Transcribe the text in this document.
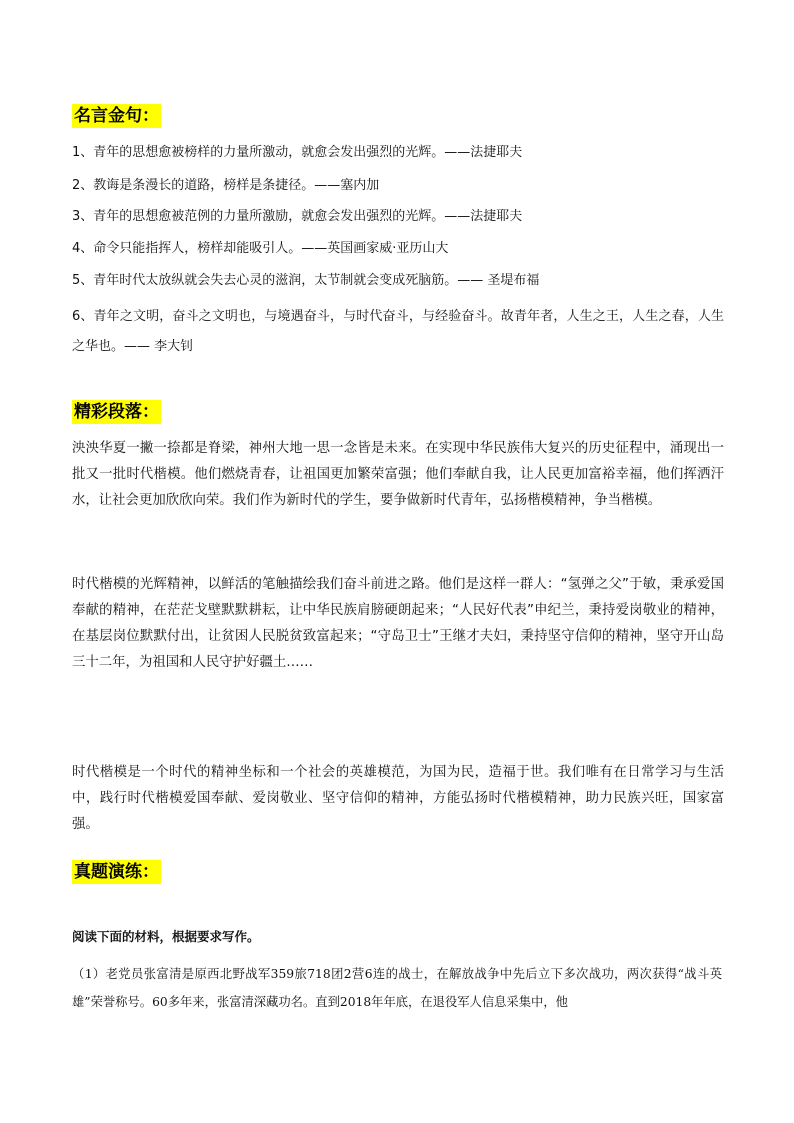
名言金句：
1、青年的思想愈被榜样的力量所激动，就愈会发出强烈的光辉。——法捷耶夫
2、教诲是条漫长的道路，榜样是条捷径。——塞内加
3、青年的思想愈被范例的力量所激励，就愈会发出强烈的光辉。——法捷耶夫
4、命令只能指挥人，榜样却能吸引人。——英国画家威·亚历山大
5、青年时代太放纵就会失去心灵的滋润，太节制就会变成死脑筋。—— 圣堤布福
6、青年之文明，奋斗之文明也，与境遇奋斗，与时代奋斗，与经验奋斗。故青年者，人生之王，人生之春，人生之华也。—— 李大钊
精彩段落：
泱泱华夏一撇一捺都是脊梁，神州大地一思一念皆是未来。在实现中华民族伟大复兴的历史征程中，涌现出一批又一批时代楷模。他们燃烧青春，让祖国更加繁荣富强；他们奉献自我，让人民更加富裕幸福，他们挥洒汗水，让社会更加欣欣向荣。我们作为新时代的学生，要争做新时代青年，弘扬楷模精神，争当楷模。
时代楷模的光辉精神，以鲜活的笔触描绘我们奋斗前进之路。他们是这样一群人：“氢弹之父”于敏，秉承爱国奉献的精神，在茫茫戈壁默默耕耘，让中华民族肩膀硬朗起来；“人民好代表”申纪兰，秉持爱岗敬业的精神，在基层岗位默默付出，让贫困人民脱贫致富起来；“守岛卫士”王继才夫妇，秉持坚守信仰的精神，坚守开山岛三十二年，为祖国和人民守护好疆土……
时代楷模是一个时代的精神坐标和一个社会的英雄模范，为国为民，造福于世。我们唯有在日常学习与生活中，践行时代楷模爱国奉献、爱岗敬业、坚守信仰的精神，方能弘扬时代楷模精神，助力民族兴旺，国家富强。
真题演练：
阅读下面的材料，根据要求写作。
（1）老党员张富清是原西北野战军359旅718团2营6连的战士，在解放战争中先后立下多次战功，两次获得“战斗英雄”荣誉称号。60多年来，张富清深藏功名。直到2018年年底，在退役军人信息采集中，他
